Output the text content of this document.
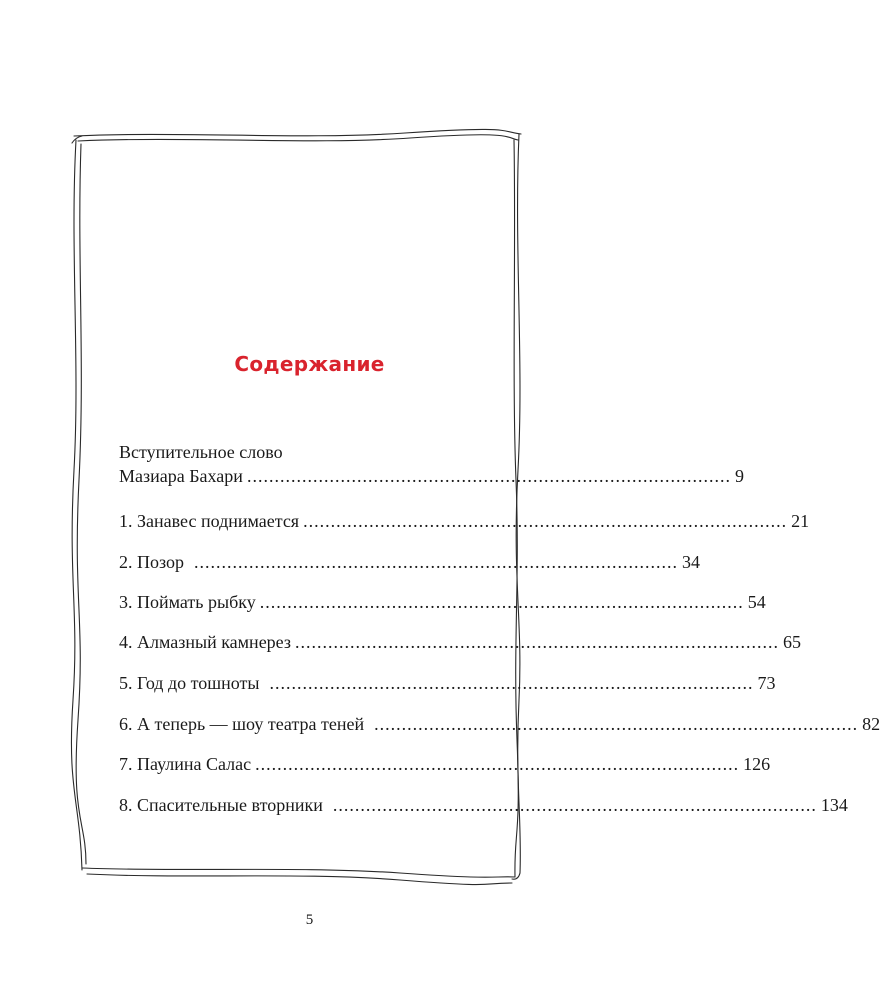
Содержание
Вступительное слово
Мазиара Бахари ........................................................................................ 9
1. Занавес поднимается ........................................................................................ 21
2. Позор ........................................................................................ 34
3. Поймать рыбку ........................................................................................ 54
4. Алмазный камнерез ........................................................................................ 65
5. Год до тошноты ........................................................................................ 73
6. А теперь — шоу театра теней ........................................................................................ 82
7. Паулина Салас ........................................................................................ 126
8. Спасительные вторники ........................................................................................ 134
5
